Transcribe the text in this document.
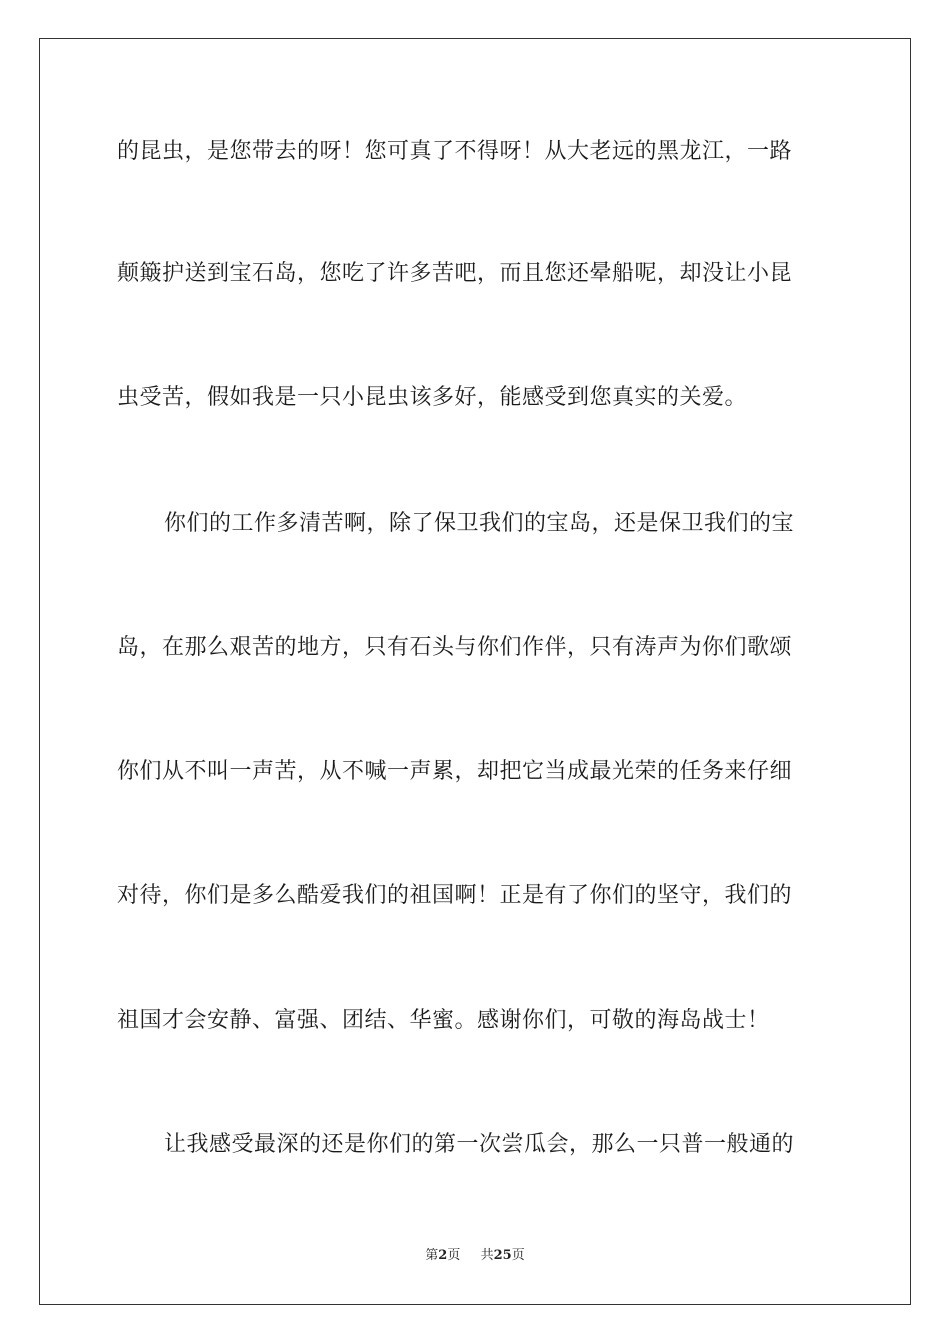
的昆虫，是您带去的呀！您可真了不得呀！从大老远的黑龙江，一路
颠簸护送到宝石岛，您吃了许多苦吧，而且您还晕船呢，却没让小昆
虫受苦，假如我是一只小昆虫该多好，能感受到您真实的关爱。
你们的工作多清苦啊，除了保卫我们的宝岛，还是保卫我们的宝
岛，在那么艰苦的地方，只有石头与你们作伴，只有涛声为你们歌颂
你们从不叫一声苦，从不喊一声累，却把它当成最光荣的任务来仔细
对待，你们是多么酷爱我们的祖国啊！正是有了你们的坚守，我们的
祖国才会安静、富强、团结、华蜜。感谢你们，可敬的海岛战士！
让我感受最深的还是你们的第一次尝瓜会，那么一只普一般通的
第2页 共25页
